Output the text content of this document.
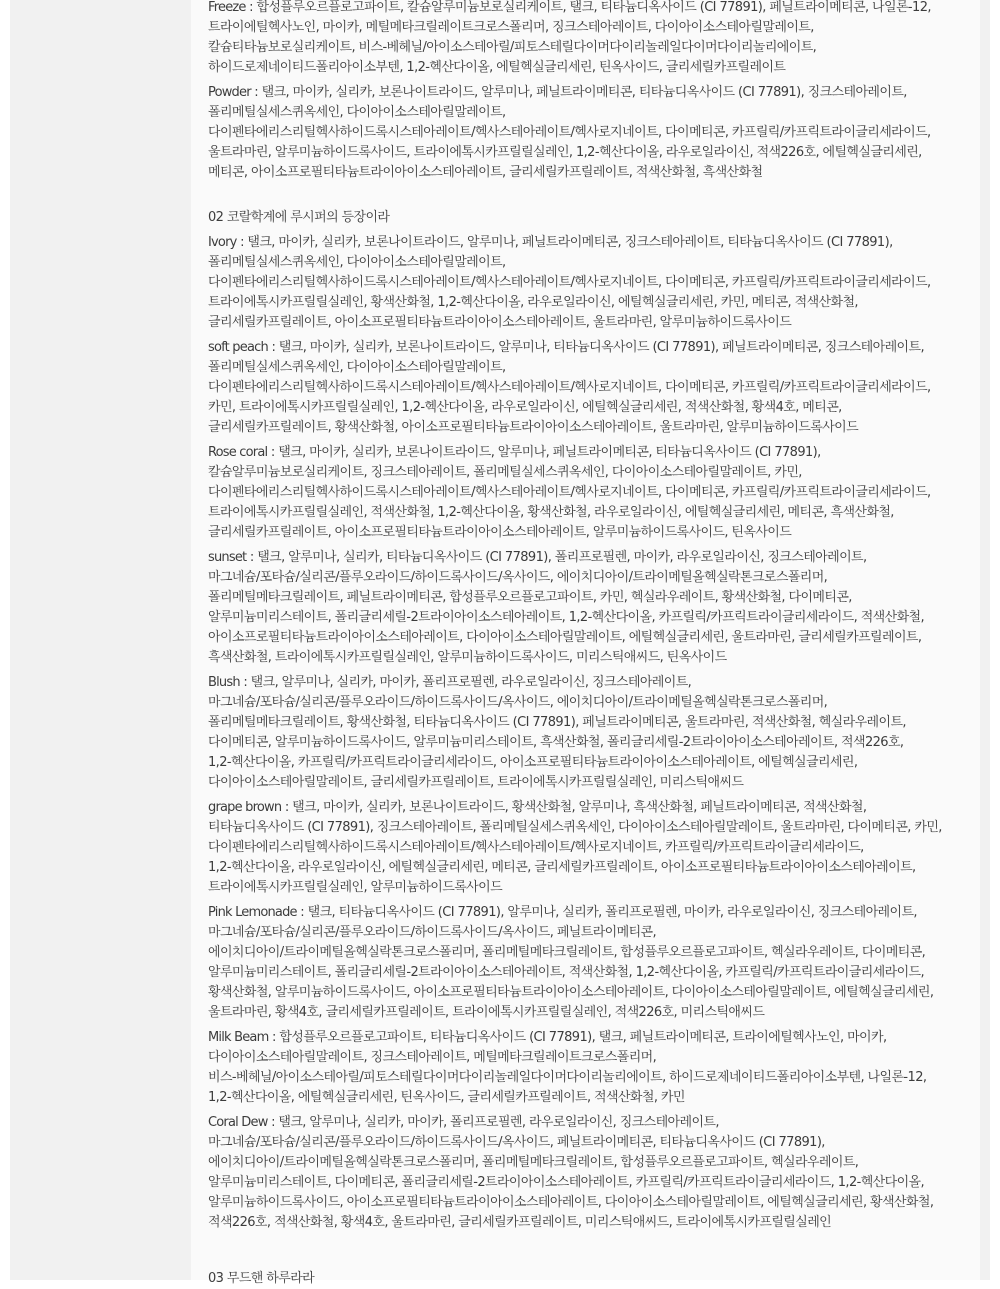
Freeze : 합성플루오르플로고파이트, 칼슘알루미늄보로실리케이트, 탤크, 티타늄디옥사이드 (CI 77891), 페닐트라이메티콘, 나일론-12,
트라이에틸헥사노인, 마이카, 메틸메타크릴레이트크로스폴리머, 징크스테아레이트, 다이아이소스테아릴말레이트,
칼슘티타늄보로실리케이트, 비스-베헤닐/아이소스테아릴/피토스테릴다이머다이리놀레일다이머다이리놀리에이트,
하이드로제네이티드폴리아이소부텐, 1,2-헥산다이올, 에틸헥실글리세린, 틴옥사이드, 글리세릴카프릴레이트

Powder : 탤크, 마이카, 실리카, 보론나이트라이드, 알루미나, 페닐트라이메티콘, 티타늄디옥사이드 (CI 77891), 징크스테아레이트,
폴리메틸실세스퀴옥세인, 다이아이소스테아릴말레이트,
다이펜타에리스리틸헥사하이드록시스테아레이트/헥사스테아레이트/헥사로지네이트, 다이메티콘, 카프릴릭/카프릭트라이글리세라이드,
울트라마린, 알루미늄하이드록사이드, 트라이에톡시카프릴릴실레인, 1,2-헥산다이올, 라우로일라이신, 적색226호, 에틸헥실글리세린,
메티콘, 아이소프로필티타늄트라이아이소스테아레이트, 글리세릴카프릴레이트, 적색산화철, 흑색산화철

02 코랄학계에 루시퍼의 등장이라

Ivory : 탤크, 마이카, 실리카, 보론나이트라이드, 알루미나, 페닐트라이메티콘, 징크스테아레이트, 티타늄디옥사이드 (CI 77891),
폴리메틸실세스퀴옥세인, 다이아이소스테아릴말레이트,
다이펜타에리스리틸헥사하이드록시스테아레이트/헥사스테아레이트/헥사로지네이트, 다이메티콘, 카프릴릭/카프릭트라이글리세라이드,
트라이에톡시카프릴릴실레인, 황색산화철, 1,2-헥산다이올, 라우로일라이신, 에틸헥실글리세린, 카민, 메티콘, 적색산화철,
글리세릴카프릴레이트, 아이소프로필티타늄트라이아이소스테아레이트, 울트라마린, 알루미늄하이드록사이드

soft peach : 탤크, 마이카, 실리카, 보론나이트라이드, 알루미나, 티타늄디옥사이드 (CI 77891), 페닐트라이메티콘, 징크스테아레이트,
폴리메틸실세스퀴옥세인, 다이아이소스테아릴말레이트,
다이펜타에리스리틸헥사하이드록시스테아레이트/헥사스테아레이트/헥사로지네이트, 다이메티콘, 카프릴릭/카프릭트라이글리세라이드,
카민, 트라이에톡시카프릴릴실레인, 1,2-헥산다이올, 라우로일라이신, 에틸헥실글리세린, 적색산화철, 황색4호, 메티콘,
글리세릴카프릴레이트, 황색산화철, 아이소프로필티타늄트라이아이소스테아레이트, 울트라마린, 알루미늄하이드록사이드

Rose coral : 탤크, 마이카, 실리카, 보론나이트라이드, 알루미나, 페닐트라이메티콘, 티타늄디옥사이드 (CI 77891),
칼슘알루미늄보로실리케이트, 징크스테아레이트, 폴리메틸실세스퀴옥세인, 다이아이소스테아릴말레이트, 카민,
다이펜타에리스리틸헥사하이드록시스테아레이트/헥사스테아레이트/헥사로지네이트, 다이메티콘, 카프릴릭/카프릭트라이글리세라이드,
트라이에톡시카프릴릴실레인, 적색산화철, 1,2-헥산다이올, 황색산화철, 라우로일라이신, 에틸헥실글리세린, 메티콘, 흑색산화철,
글리세릴카프릴레이트, 아이소프로필티타늄트라이아이소스테아레이트, 알루미늄하이드록사이드, 틴옥사이드

sunset : 탤크, 알루미나, 실리카, 티타늄디옥사이드 (CI 77891), 폴리프로필렌, 마이카, 라우로일라이신, 징크스테아레이트,
마그네슘/포타슘/실리콘/플루오라이드/하이드록사이드/옥사이드, 에이치디아이/트라이메틸올헥실락톤크로스폴리머,
폴리메틸메타크릴레이트, 페닐트라이메티콘, 합성플루오르플로고파이트, 카민, 헥실라우레이트, 황색산화철, 다이메티콘,
알루미늄미리스테이트, 폴리글리세릴-2트라이아이소스테아레이트, 1,2-헥산다이올, 카프릴릭/카프릭트라이글리세라이드, 적색산화철,
아이소프로필티타늄트라이아이소스테아레이트, 다이아이소스테아릴말레이트, 에틸헥실글리세린, 울트라마린, 글리세릴카프릴레이트,
흑색산화철, 트라이에톡시카프릴릴실레인, 알루미늄하이드록사이드, 미리스틱애씨드, 틴옥사이드

Blush : 탤크, 알루미나, 실리카, 마이카, 폴리프로필렌, 라우로일라이신, 징크스테아레이트,
마그네슘/포타슘/실리콘/플루오라이드/하이드록사이드/옥사이드, 에이치디아이/트라이메틸올헥실락톤크로스폴리머,
폴리메틸메타크릴레이트, 황색산화철, 티타늄디옥사이드 (CI 77891), 페닐트라이메티콘, 울트라마린, 적색산화철, 헥실라우레이트,
다이메티콘, 알루미늄하이드록사이드, 알루미늄미리스테이트, 흑색산화철, 폴리글리세릴-2트라이아이소스테아레이트, 적색226호,
1,2-헥산다이올, 카프릴릭/카프릭트라이글리세라이드, 아이소프로필티타늄트라이아이소스테아레이트, 에틸헥실글리세린,
다이아이소스테아릴말레이트, 글리세릴카프릴레이트, 트라이에톡시카프릴릴실레인, 미리스틱애씨드

grape brown : 탤크, 마이카, 실리카, 보론나이트라이드, 황색산화철, 알루미나, 흑색산화철, 페닐트라이메티콘, 적색산화철,
티타늄디옥사이드 (CI 77891), 징크스테아레이트, 폴리메틸실세스퀴옥세인, 다이아이소스테아릴말레이트, 울트라마린, 다이메티콘, 카민,
다이펜타에리스리틸헥사하이드록시스테아레이트/헥사스테아레이트/헥사로지네이트, 카프릴릭/카프릭트라이글리세라이드,
1,2-헥산다이올, 라우로일라이신, 에틸헥실글리세린, 메티콘, 글리세릴카프릴레이트, 아이소프로필티타늄트라이아이소스테아레이트,
트라이에톡시카프릴릴실레인, 알루미늄하이드록사이드

Pink Lemonade : 탤크, 티타늄디옥사이드 (CI 77891), 알루미나, 실리카, 폴리프로필렌, 마이카, 라우로일라이신, 징크스테아레이트,
마그네슘/포타슘/실리콘/플루오라이드/하이드록사이드/옥사이드, 페닐트라이메티콘,
에이치디아이/트라이메틸올헥실락톤크로스폴리머, 폴리메틸메타크릴레이트, 합성플루오르플로고파이트, 헥실라우레이트, 다이메티콘,
알루미늄미리스테이트, 폴리글리세릴-2트라이아이소스테아레이트, 적색산화철, 1,2-헥산다이올, 카프릴릭/카프릭트라이글리세라이드,
황색산화철, 알루미늄하이드록사이드, 아이소프로필티타늄트라이아이소스테아레이트, 다이아이소스테아릴말레이트, 에틸헥실글리세린,
울트라마린, 황색4호, 글리세릴카프릴레이트, 트라이에톡시카프릴릴실레인, 적색226호, 미리스틱애씨드

Milk Beam : 합성플루오르플로고파이트, 티타늄디옥사이드 (CI 77891), 탤크, 페닐트라이메티콘, 트라이에틸헥사노인, 마이카,
다이아이소스테아릴말레이트, 징크스테아레이트, 메틸메타크릴레이트크로스폴리머,
비스-베헤닐/아이소스테아릴/피토스테릴다이머다이리놀레일다이머다이리놀리에이트, 하이드로제네이티드폴리아이소부텐, 나일론-12,
1,2-헥산다이올, 에틸헥실글리세린, 틴옥사이드, 글리세릴카프릴레이트, 적색산화철, 카민

Coral Dew : 탤크, 알루미나, 실리카, 마이카, 폴리프로필렌, 라우로일라이신, 징크스테아레이트,
마그네슘/포타슘/실리콘/플루오라이드/하이드록사이드/옥사이드, 페닐트라이메티콘, 티타늄디옥사이드 (CI 77891),
에이치디아이/트라이메틸올헥실락톤크로스폴리머, 폴리메틸메타크릴레이트, 합성플루오르플로고파이트, 헥실라우레이트,
알루미늄미리스테이트, 다이메티콘, 폴리글리세릴-2트라이아이소스테아레이트, 카프릴릭/카프릭트라이글리세라이드, 1,2-헥산다이올,
알루미늄하이드록사이드, 아이소프로필티타늄트라이아이소스테아레이트, 다이아이소스테아릴말레이트, 에틸헥실글리세린, 황색산화철,
적색226호, 적색산화철, 황색4호, 울트라마린, 글리세릴카프릴레이트, 미리스틱애씨드, 트라이에톡시카프릴릴실레인

03 무드핸 하루라라
